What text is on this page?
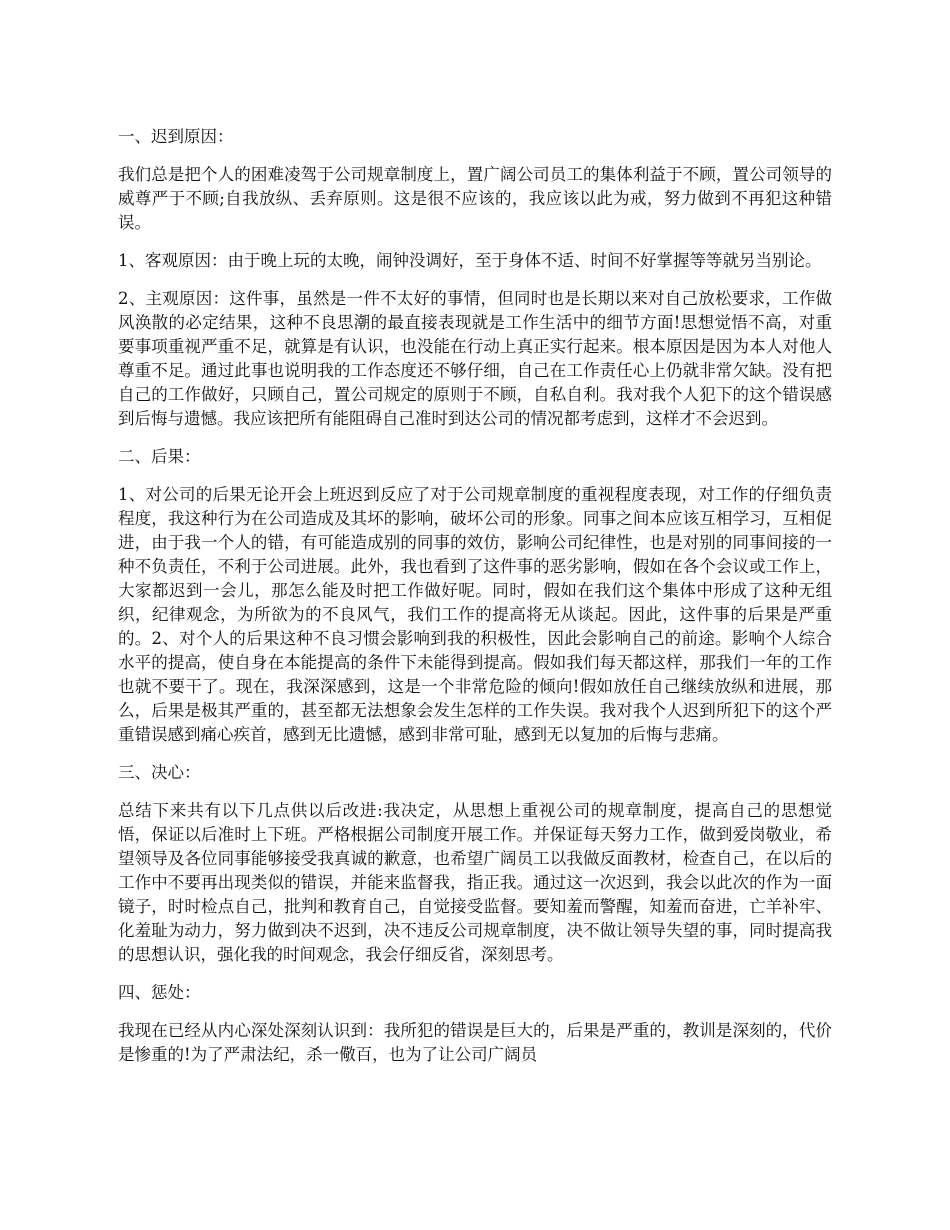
一、迟到原因：

我们总是把个人的困难凌驾于公司规章制度上，置广阔公司员工的集体利益于不顾，置公司领导的威尊严于不顾;自我放纵、丢弃原则。这是很不应该的，我应该以此为戒，努力做到不再犯这种错误。

1、客观原因：由于晚上玩的太晚，闹钟没调好，至于身体不适、时间不好掌握等等就另当别论。

2、主观原因：这件事，虽然是一件不太好的事情，但同时也是长期以来对自己放松要求，工作做风涣散的必定结果，这种不良思潮的最直接表现就是工作生活中的细节方面!思想觉悟不高，对重要事项重视严重不足，就算是有认识，也没能在行动上真正实行起来。根本原因是因为本人对他人尊重不足。通过此事也说明我的工作态度还不够仔细，自己在工作责任心上仍就非常欠缺。没有把自己的工作做好，只顾自己，置公司规定的原则于不顾，自私自利。我对我个人犯下的这个错误感到后悔与遗憾。我应该把所有能阻碍自己准时到达公司的情况都考虑到，这样才不会迟到。

二、后果：

1、对公司的后果无论开会上班迟到反应了对于公司规章制度的重视程度表现，对工作的仔细负责程度，我这种行为在公司造成及其坏的影响，破坏公司的形象。同事之间本应该互相学习，互相促进，由于我一个人的错，有可能造成别的同事的效仿，影响公司纪律性，也是对别的同事间接的一种不负责任，不利于公司进展。此外，我也看到了这件事的恶劣影响，假如在各个会议或工作上，大家都迟到一会儿，那怎么能及时把工作做好呢。同时，假如在我们这个集体中形成了这种无组织，纪律观念，为所欲为的不良风气，我们工作的提高将无从谈起。因此，这件事的后果是严重的。2、对个人的后果这种不良习惯会影响到我的积极性，因此会影响自己的前途。影响个人综合水平的提高，使自身在本能提高的条件下未能得到提高。假如我们每天都这样，那我们一年的工作也就不要干了。现在，我深深感到，这是一个非常危险的倾向!假如放任自己继续放纵和进展，那么，后果是极其严重的，甚至都无法想象会发生怎样的工作失误。我对我个人迟到所犯下的这个严重错误感到痛心疾首，感到无比遗憾，感到非常可耻，感到无以复加的后悔与悲痛。

三、决心：

总结下来共有以下几点供以后改进:我决定，从思想上重视公司的规章制度，提高自己的思想觉悟，保证以后准时上下班。严格根据公司制度开展工作。并保证每天努力工作，做到爱岗敬业，希望领导及各位同事能够接受我真诚的歉意，也希望广阔员工以我做反面教材，检查自己，在以后的工作中不要再出现类似的错误，并能来监督我，指正我。通过这一次迟到，我会以此次的作为一面镜子，时时检点自己，批判和教育自己，自觉接受监督。要知羞而警醒，知羞而奋进，亡羊补牢、化羞耻为动力，努力做到决不迟到，决不违反公司规章制度，决不做让领导失望的事，同时提高我的思想认识，强化我的时间观念，我会仔细反省，深刻思考。

四、惩处：

我现在已经从内心深处深刻认识到：我所犯的错误是巨大的，后果是严重的，教训是深刻的，代价是惨重的!为了严肃法纪，杀一儆百，也为了让公司广阔员
